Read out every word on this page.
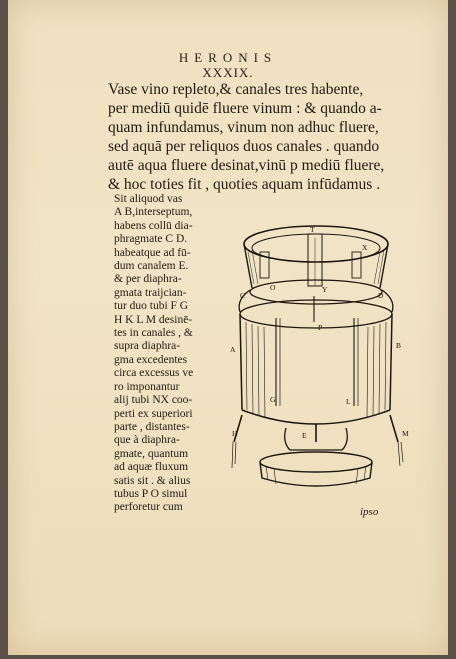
HERONIS
XXXIX.
Vase vino repleto,& canales tres habente,
per mediū quidē fluere vinum : & quando a-
quam infundamus, vinum non adhuc fluere,
sed aquā per reliquos duos canales . quando
autē aqua fluere desinat,vinū p mediū fluere,
& hoc toties fit , quoties aquam infūdamus .
Sit aliquod vas
A B,interseptum,
habens collū dia-
phragmate C D.
habeatque ad fū-
dum canalem E.
& per diaphra-
gmata traijcian-
tur duo tubi F G
H K L M desinē-
tes in canales , &
supra diaphra-
gma excedentes
circa excessus ve
ro imponantur
alij tubi NX coo-
perti ex superiori
parte , distantes-
que à diaphra-
gmate, quantum
ad aquæ fluxum
satis sit . & alius
tubus P O simul
perforetur cum
T
X
O	Y
C	D
P
A	B
G	L
H	E	M
ipso
